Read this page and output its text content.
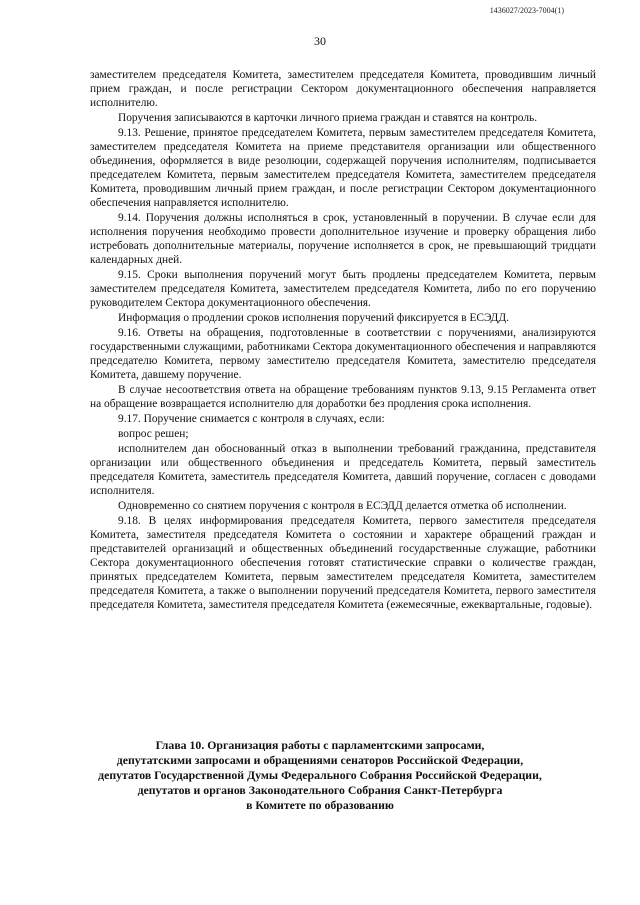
1436027/2023-7004(1)
30

заместителем председателя Комитета, заместителем председателя Комитета, проводившим личный прием граждан, и после регистрации Сектором документационного обеспечения направляется исполнителю.

Поручения записываются в карточки личного приема граждан и ставятся на контроль.

9.13. Решение, принятое председателем Комитета, первым заместителем председателя Комитета, заместителем председателя Комитета на приеме представителя организации или общественного объединения, оформляется в виде резолюции, содержащей поручения исполнителям, подписывается председателем Комитета, первым заместителем председателя Комитета, заместителем председателя Комитета, проводившим личный прием граждан, и после регистрации Сектором документационного обеспечения направляется исполнителю.

9.14. Поручения должны исполняться в срок, установленный в поручении. В случае если для исполнения поручения необходимо провести дополнительное изучение и проверку обращения либо истребовать дополнительные материалы, поручение исполняется в срок, не превышающий тридцати календарных дней.

9.15. Сроки выполнения поручений могут быть продлены председателем Комитета, первым заместителем председателя Комитета, заместителем председателя Комитета, либо по его поручению руководителем Сектора документационного обеспечения.

Информация о продлении сроков исполнения поручений фиксируется в ЕСЭДД.

9.16. Ответы на обращения, подготовленные в соответствии с поручениями, анализируются государственными служащими, работниками Сектора документационного обеспечения и направляются председателю Комитета, первому заместителю председателя Комитета, заместителю председателя Комитета, давшему поручение.

В случае несоответствия ответа на обращение требованиям пунктов 9.13, 9.15 Регламента ответ на обращение возвращается исполнителю для доработки без продления срока исполнения.

9.17. Поручение снимается с контроля в случаях, если:

вопрос решен;

исполнителем дан обоснованный отказ в выполнении требований гражданина, представителя организации или общественного объединения и председатель Комитета, первый заместитель председателя Комитета, заместитель председателя Комитета, давший поручение, согласен с доводами исполнителя.

Одновременно со снятием поручения с контроля в ЕСЭДД делается отметка об исполнении.

9.18. В целях информирования председателя Комитета, первого заместителя председателя Комитета, заместителя председателя Комитета о состоянии и характере обращений граждан и представителей организаций и общественных объединений государственные служащие, работники Сектора документационного обеспечения готовят статистические справки о количестве граждан, принятых председателем Комитета, первым заместителем председателя Комитета, заместителем председателя Комитета, а также о выполнении поручений председателя Комитета, первого заместителя председателя Комитета, заместителя председателя Комитета (ежемесячные, ежеквартальные, годовые).

Глава 10. Организация работы с парламентскими запросами,
депутатскими запросами и обращениями сенаторов Российской Федерации,
депутатов Государственной Думы Федерального Собрания Российской Федерации,
депутатов и органов Законодательного Собрания Санкт-Петербурга
в Комитете по образованию
